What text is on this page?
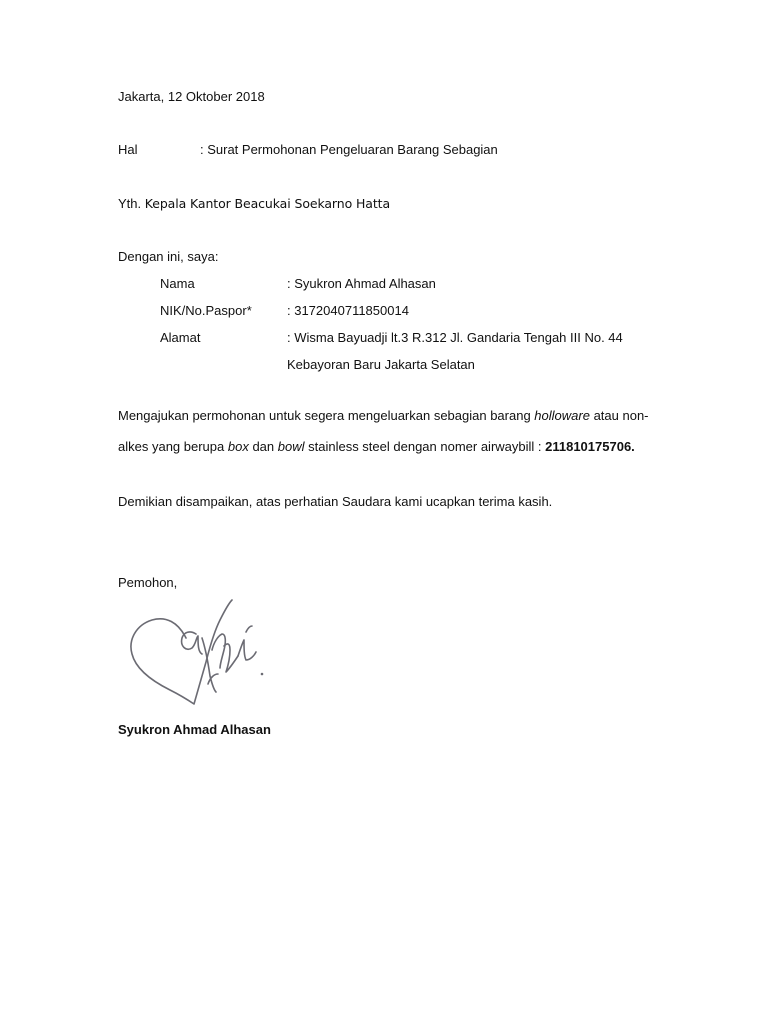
Jakarta, 12 Oktober 2018
Hal	: Surat Permohonan Pengeluaran Barang Sebagian
Yth. Kepala Kantor Beacukai Soekarno Hatta
Dengan ini, saya:
Nama	: Syukron Ahmad Alhasan
NIK/No.Paspor*	: 3172040711850014
Alamat	: Wisma Bayuadji lt.3 R.312 Jl. Gandaria Tengah III No. 44
Kebayoran Baru Jakarta Selatan
Mengajukan permohonan untuk segera mengeluarkan sebagian barang holloware atau non-
alkes yang berupa box dan bowl stainless steel dengan nomer airwaybill : 211810175706.
Demikian disampaikan, atas perhatian Saudara kami ucapkan terima kasih.
Pemohon,
Syukron Ahmad Alhasan
